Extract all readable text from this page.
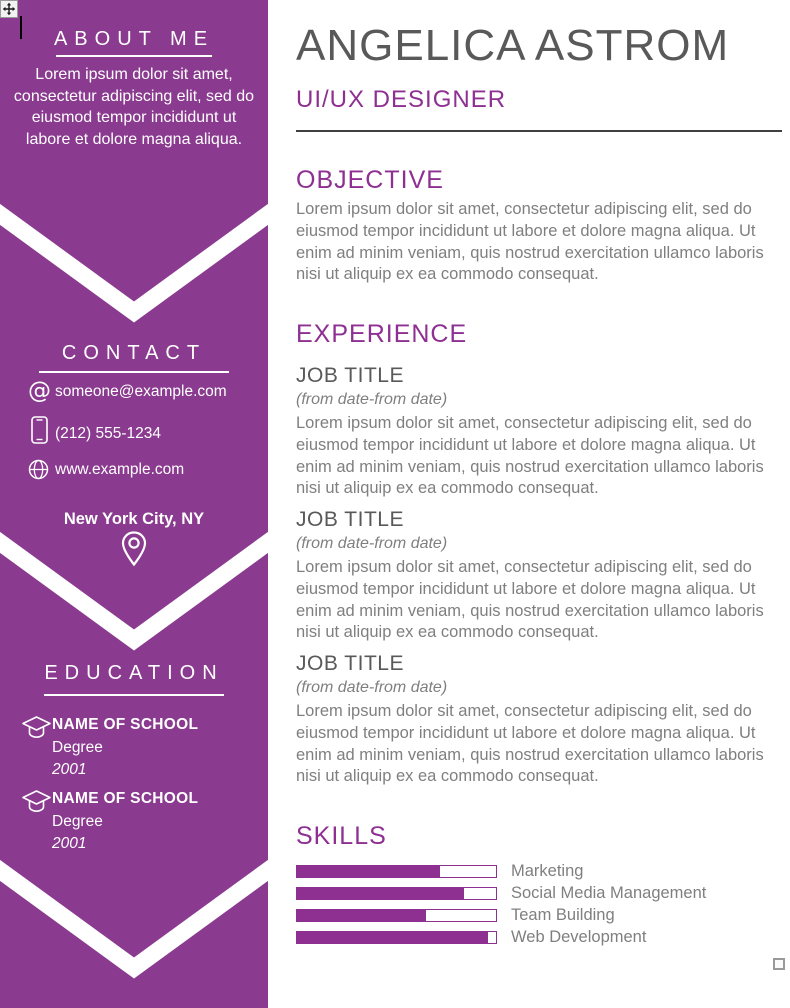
ABOUT ME
Lorem ipsum dolor sit amet, consectetur adipiscing elit, sed do eiusmod tempor incididunt ut labore et dolore magna aliqua.
CONTACT
@ someone@example.com
(212) 555-1234
www.example.com
New York City, NY
EDUCATION
NAME OF SCHOOL
Degree
2001
NAME OF SCHOOL
Degree
2001
ANGELICA ASTROM
UI/UX DESIGNER
OBJECTIVE
Lorem ipsum dolor sit amet, consectetur adipiscing elit, sed do eiusmod tempor incididunt ut labore et dolore magna aliqua. Ut enim ad minim veniam, quis nostrud exercitation ullamco laboris nisi ut aliquip ex ea commodo consequat.
EXPERIENCE
JOB TITLE
(from date-from date)
Lorem ipsum dolor sit amet, consectetur adipiscing elit, sed do eiusmod tempor incididunt ut labore et dolore magna aliqua. Ut enim ad minim veniam, quis nostrud exercitation ullamco laboris nisi ut aliquip ex ea commodo consequat.
JOB TITLE
(from date-from date)
Lorem ipsum dolor sit amet, consectetur adipiscing elit, sed do eiusmod tempor incididunt ut labore et dolore magna aliqua. Ut enim ad minim veniam, quis nostrud exercitation ullamco laboris nisi ut aliquip ex ea commodo consequat.
JOB TITLE
(from date-from date)
Lorem ipsum dolor sit amet, consectetur adipiscing elit, sed do eiusmod tempor incididunt ut labore et dolore magna aliqua. Ut enim ad minim veniam, quis nostrud exercitation ullamco laboris nisi ut aliquip ex ea commodo consequat.
SKILLS
Marketing
Social Media Management
Team Building
Web Development
